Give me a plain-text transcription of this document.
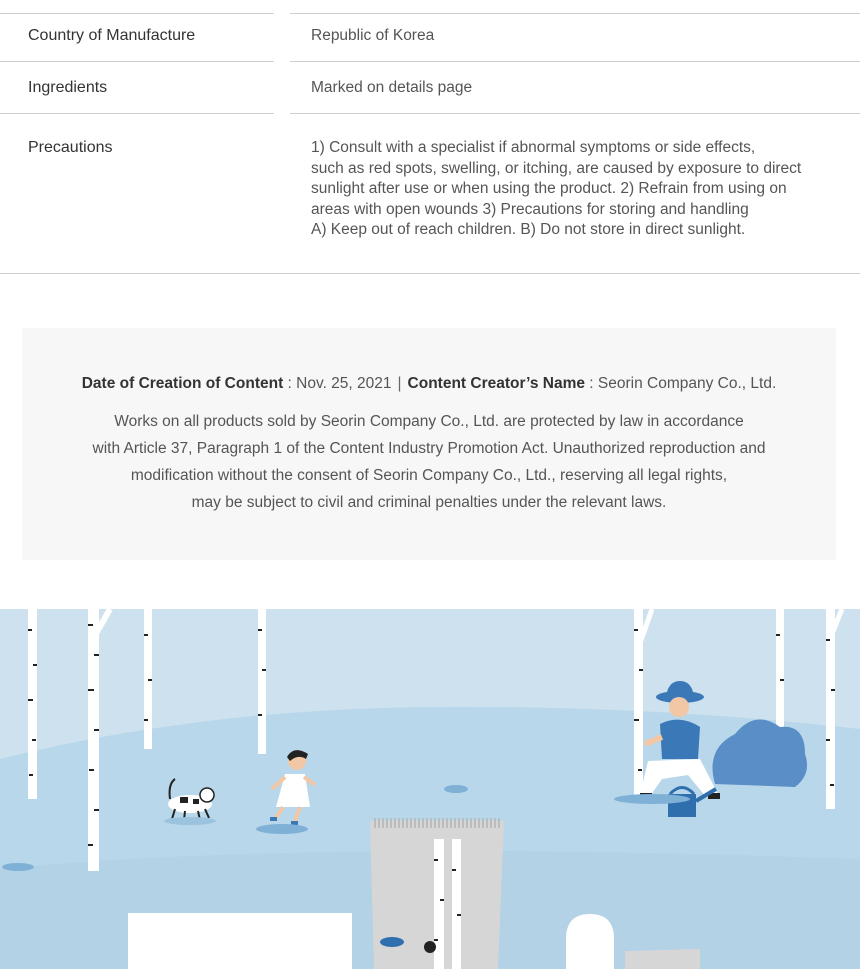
Country of Manufacture	Republic of Korea
Ingredients	Marked on details page
Precautions	1) Consult with a specialist if abnormal symptoms or side effects,
such as red spots, swelling, or itching, are caused by exposure to direct
sunlight after use or when using the product. 2) Refrain from using on
areas with open wounds 3) Precautions for storing and handling
A) Keep out of reach children. B) Do not store in direct sunlight.
Date of Creation of Content : Nov. 25, 2021 | Content Creator’s Name : Seorin Company Co., Ltd.
Works on all products sold by Seorin Company Co., Ltd. are protected by law in accordance
with Article 37, Paragraph 1 of the Content Industry Promotion Act. Unauthorized reproduction and
modification without the consent of Seorin Company Co., Ltd., reserving all legal rights,
may be subject to civil and criminal penalties under the relevant laws.
